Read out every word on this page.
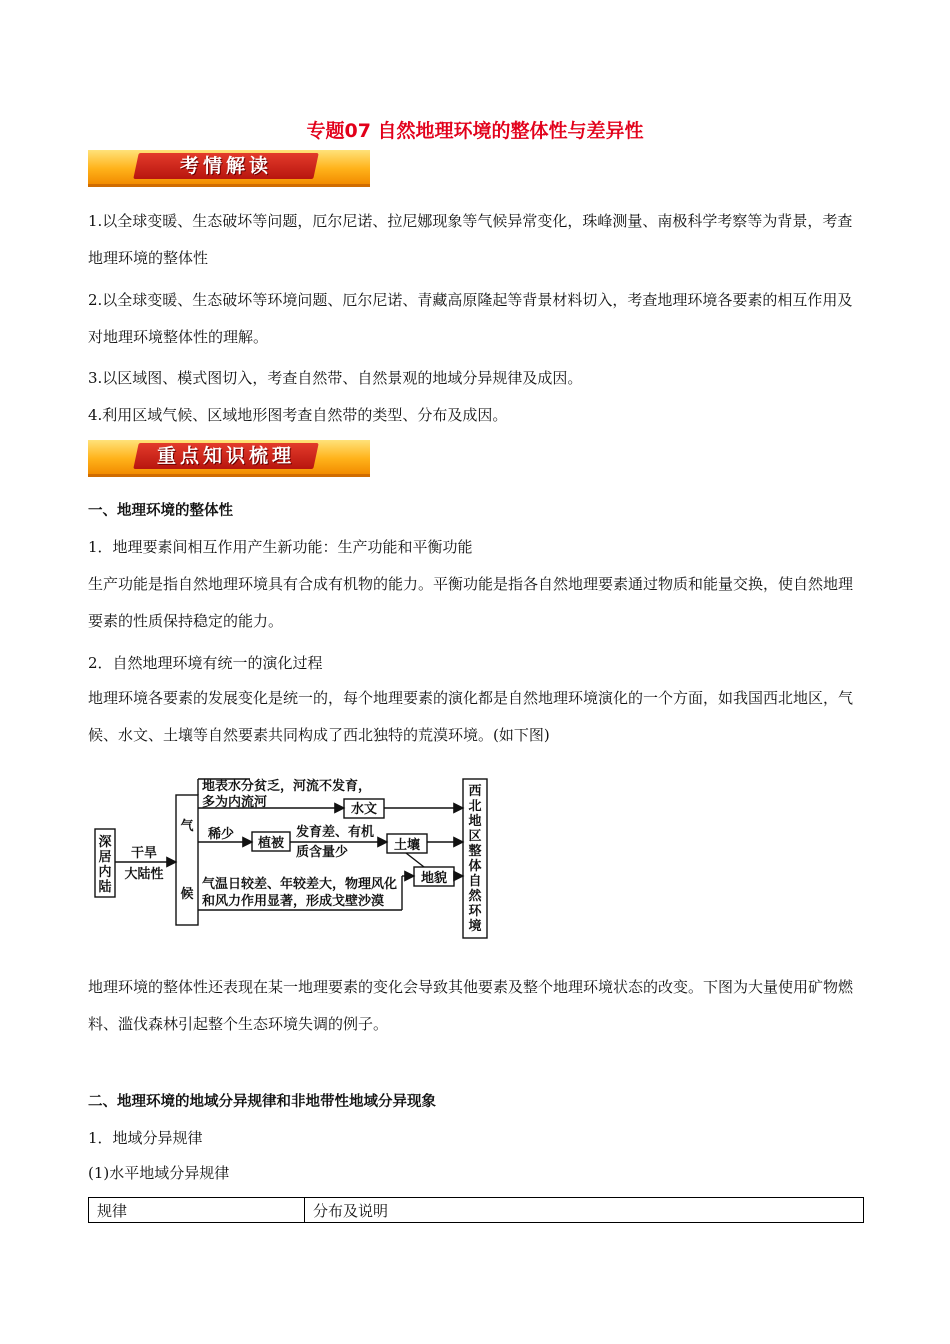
专题07 自然地理环境的整体性与差异性
考情解读
1.以全球变暖、生态破坏等问题，厄尔尼诺、拉尼娜现象等气候异常变化，珠峰测量、南极科学考察等为背景，考查地理环境的整体性
2.以全球变暖、生态破坏等环境问题、厄尔尼诺、青藏高原隆起等背景材料切入，考查地理环境各要素的相互作用及对地理环境整体性的理解。
3.以区域图、模式图切入，考查自然带、自然景观的地域分异规律及成因。
4.利用区域气候、区域地形图考查自然带的类型、分布及成因。
重点知识梳理
一、地理环境的整体性
1．地理要素间相互作用产生新功能：生产功能和平衡功能
生产功能是指自然地理环境具有合成有机物的能力。平衡功能是指各自然地理要素通过物质和能量交换，使自然地理要素的性质保持稳定的能力。
2．自然地理环境有统一的演化过程
地理环境各要素的发展变化是统一的，每个地理要素的演化都是自然地理环境演化的一个方面，如我国西北地区，气候、水文、土壤等自然要素共同构成了西北独特的荒漠环境。(如下图)
深
居
内
陆
干旱
大陆性
气
候
地表水分贫乏，河流不发育，
多为内流河	水文
稀少
植被
发育差、有机
质含量少	土壤
气温日较差、年较差大，物理风化
和风力作用显著，形成戈壁沙漠
地貌
西
北
地
区
整
体
自
然
环
境
地理环境的整体性还表现在某一地理要素的变化会导致其他要素及整个地理环境状态的改变。下图为大量使用矿物燃料、滥伐森林引起整个生态环境失调的例子。
二、地理环境的地域分异规律和非地带性地域分异现象
1．地域分异规律
(1)水平地域分异规律
规律	分布及说明
